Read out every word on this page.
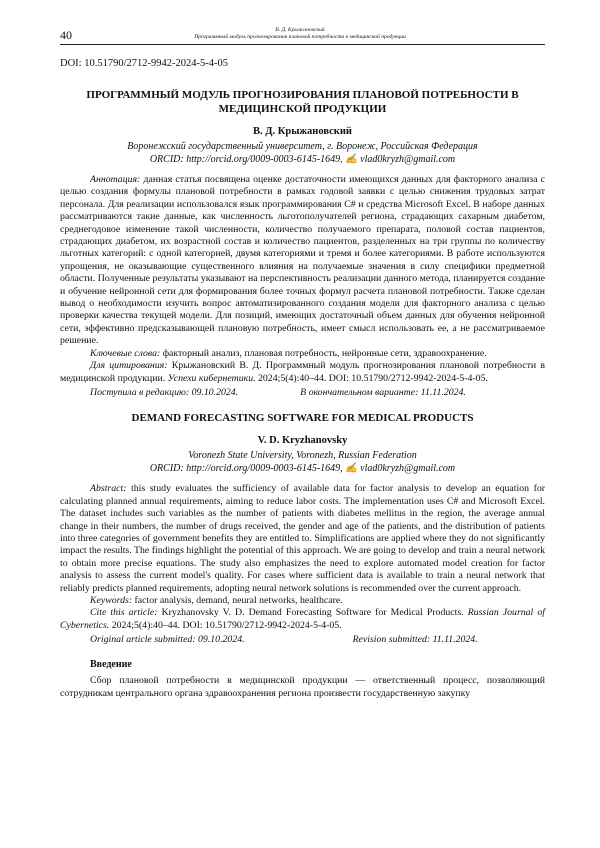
40	В. Д. Крыжановский
Программный модуль прогнозирования плановой потребности в медицинской продукции
DOI: 10.51790/2712-9942-2024-5-4-05

ПРОГРАММНЫЙ МОДУЛЬ ПРОГНОЗИРОВАНИЯ ПЛАНОВОЙ ПОТРЕБНОСТИ В МЕДИЦИНСКОЙ ПРОДУКЦИИ

В. Д. Крыжановский

Воронежский государственный университет, г. Воронеж, Российская Федерация

ORCID: http://orcid.org/0009-0003-6145-1649, ✍ vlad0kryzh@gmail.com

Аннотация: данная статья посвящена оценке достаточности имеющихся данных для факторного анализа с целью создания формулы плановой потребности в рамках годовой заявки с целью снижения трудовых затрат персонала. Для реализации использовался язык программирования C# и средства Microsoft Excel. В наборе данных рассматриваются такие данные, как численность льготополучателей региона, страдающих сахарным диабетом, среднегодовое изменение такой численности, количество получаемого препарата, половой состав пациентов, страдающих диабетом, их возрастной состав и количество пациентов, разделенных на три группы по количеству льготных категорий: с одной категорией, двумя категориями и тремя и более категориями. В работе используются упрощения, не оказывающие существенного влияния на получаемые значения в силу специфики предметной области. Полученные результаты указывают на перспективность реализации данного метода, планируется создание и обучение нейронной сети для формирования более точных формул расчета плановой потребности. Также сделан вывод о необходимости изучить вопрос автоматизированного создания модели для факторного анализа с целью проверки качества текущей модели. Для позиций, имеющих достаточный объем данных для обучения нейронной сети, эффективно предсказывающей плановую потребность, имеет смысл использовать ее, а не рассматриваемое решение.

Ключевые слова: факторный анализ, плановая потребность, нейронные сети, здравоохранение.

Для цитирования: Крыжановский В. Д. Программный модуль прогнозирования плановой потребности в медицинской продукции. Успехи кибернетики. 2024;5(4):40–44. DOI: 10.51790/2712-9942-2024-5-4-05.

Поступила в редакцию: 09.10.2024.	В окончательном варианте: 11.11.2024.

DEMAND FORECASTING SOFTWARE FOR MEDICAL PRODUCTS

V. D. Kryzhanovsky

Voronezh State University, Voronezh, Russian Federation

ORCID: http://orcid.org/0009-0003-6145-1649, ✍ vlad0kryzh@gmail.com

Abstract: this study evaluates the sufficiency of available data for factor analysis to develop an equation for calculating planned annual requirements, aiming to reduce labor costs. The implementation uses C# and Microsoft Excel. The dataset includes such variables as the number of patients with diabetes mellitus in the region, the average annual change in their numbers, the number of drugs received, the gender and age of the patients, and the distribution of patients into three categories of government benefits they are entitled to. Simplifications are applied where they do not significantly impact the results. The findings highlight the potential of this approach. We are going to develop and train a neural network to obtain more precise equations. The study also emphasizes the need to explore automated model creation for factor analysis to assess the current model's quality. For cases where sufficient data is available to train a neural network that reliably predicts planned requirements, adopting neural network solutions is recommended over the current approach.

Keywords: factor analysis, demand, neural networks, healthcare.

Cite this article: Kryzhanovsky V. D. Demand Forecasting Software for Medical Products. Russian Journal of Cybernetics. 2024;5(4):40–44. DOI: 10.51790/2712-9942-2024-5-4-05.

Original article submitted: 09.10.2024.	Revision submitted: 11.11.2024.

Введение

Сбор плановой потребности в медицинской продукции — ответственный процесс, позволяющий сотрудникам центрального органа здравоохранения региона произвести государственную закупку
